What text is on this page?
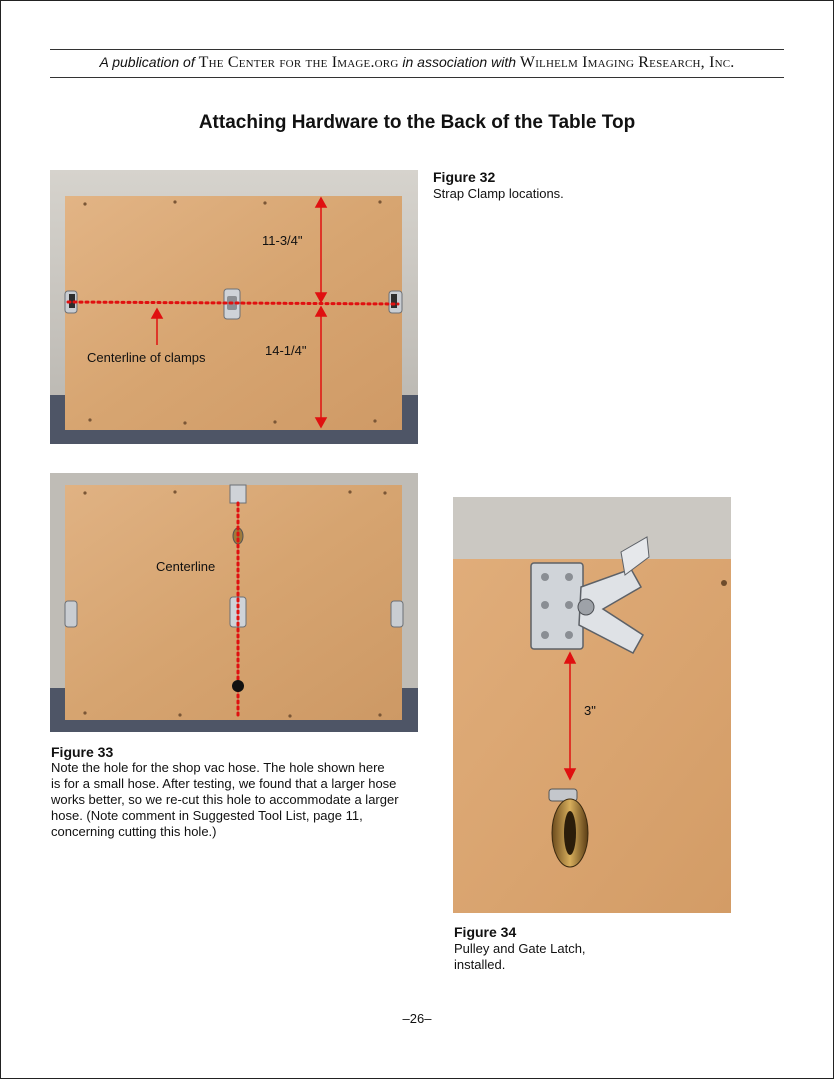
A publication of The Center for the Image.org in association with Wilhelm Imaging Research, Inc.
Attaching Hardware to the Back of the Table Top
11-3/4"
14-1/4"
Centerline of clamps
Figure 32
Strap Clamp locations.
Centerline
Figure 33
Note the hole for the shop vac hose. The hole shown here
is for a small hose. After testing, we found that a larger hose
works better, so we re-cut this hole to accommodate a larger
hose. (Note comment in Suggested Tool List, page 11,
concerning cutting this hole.)
3"
Figure 34
Pulley and Gate Latch,
installed.
–26–
